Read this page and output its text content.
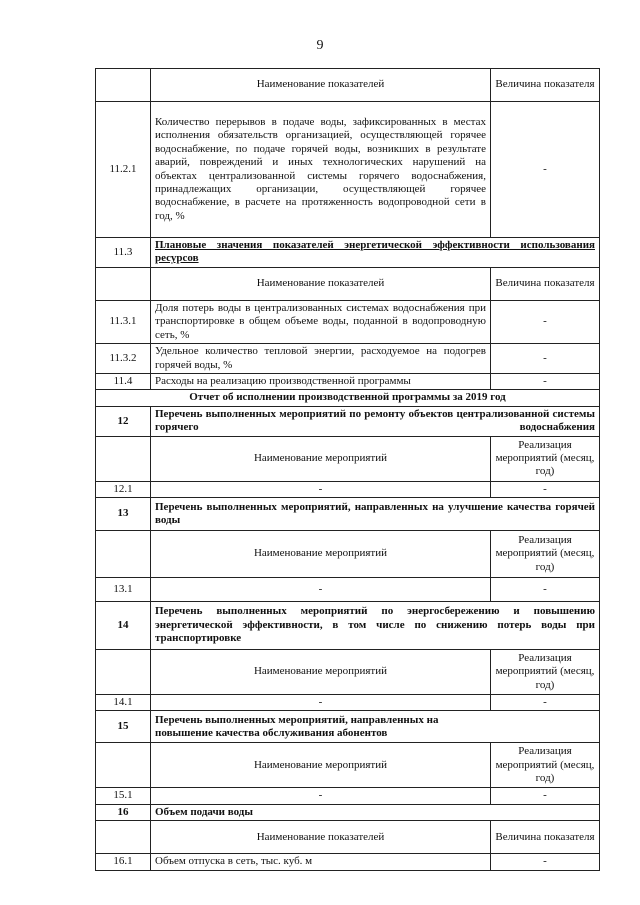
9
	Наименование показателей	Величина показателя
11.2.1	Количество перерывов в подаче воды, зафиксированных в местах исполнения обязательств организацией, осуществляющей горячее водоснабжение, по подаче горячей воды, возникших в результате аварий, повреждений и иных технологических нарушений на объектах централизованной системы горячего водоснабжения, принадлежащих организации, осуществляющей горячее водоснабжение, в расчете на протяженность водопроводной сети в год, %	-
11.3	Плановые значения показателей энергетической эффективности использования ресурсов	
	Наименование показателей	Величина показателя
11.3.1	Доля потерь воды в централизованных системах водоснабжения при транспортировке в общем объеме воды, поданной в водопроводную сеть, %	-
11.3.2	Удельное количество тепловой энергии, расходуемое на подогрев горячей воды, %	-
11.4	Расходы на реализацию производственной программы	-
Отчет об исполнении производственной программы за 2019 год		
12	Перечень выполненных мероприятий по ремонту объектов централизованной системы горячего водоснабжения	
	Наименование мероприятий	Реализация мероприятий (месяц, год)
12.1	-	-
13	Перечень выполненных мероприятий, направленных на улучшение качества горячей воды	
	Наименование мероприятий	Реализация мероприятий (месяц, год)
13.1	-	-
14	Перечень выполненных мероприятий по энергосбережению и повышению энергетической эффективности, в том числе по снижению потерь воды при транспортировке	
	Наименование мероприятий	Реализация мероприятий (месяц, год)
14.1	-	-
15	Перечень выполненных мероприятий, направленных на повышение качества обслуживания абонентов	
	Наименование мероприятий	Реализация мероприятий (месяц, год)
15.1	-	-
16	Объем подачи воды	
	Наименование показателей	Величина показателя
16.1	Объем отпуска в сеть, тыс. куб. м	-
